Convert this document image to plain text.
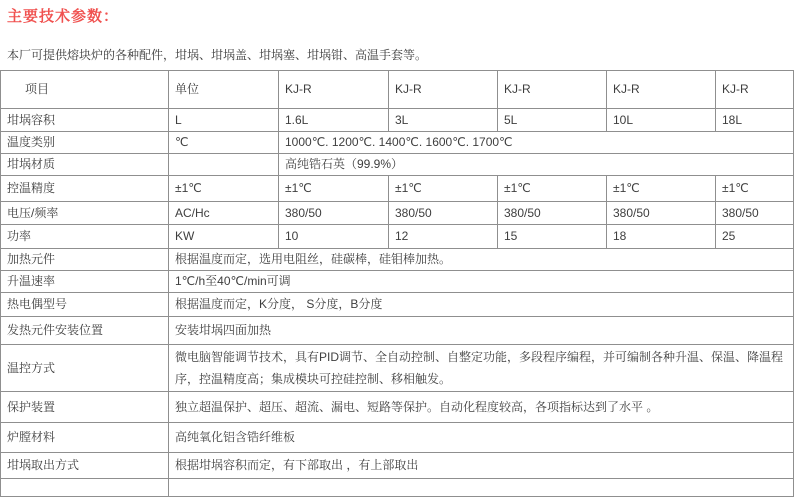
主要技术参数：

本厂可提供熔块炉的各种配件，坩埚、坩埚盖、坩埚塞、坩埚钳、高温手套等。

项目	单位	KJ-R	KJ-R	KJ-R	KJ-R	KJ-R
坩埚容积	L	1.6L	3L	5L	10L	18L
温度类别	℃	1000℃. 1200℃. 1400℃. 1600℃. 1700℃				
坩埚材质		高纯锆石英（99.9%）				
控温精度	±1℃	±1℃	±1℃	±1℃	±1℃	±1℃
电压/频率	AC/Hc	380/50	380/50	380/50	380/50	380/50
功率	KW	10	12	15	18	25
加热元件	根据温度而定，选用电阻丝，硅碳棒，硅钼棒加热。					
升温速率	1℃/h至40℃/min可调					
热电偶型号	根据温度而定，K分度， S分度，B分度					
发热元件安装位置	安装坩埚四面加热					
温控方式	微电脑智能调节技术，具有PID调节、全自动控制、自整定功能，多段程序编程，并可编制各种升温、保温、降温程序，控温精度高；集成模块可控硅控制、移相触发。					
保护装置	独立超温保护、超压、超流、漏电、短路等保护。自动化程度较高，各项指标达到了水平 。					
炉膛材料	高纯氧化铝含锆纤维板					
坩埚取出方式	根据坩埚容积而定，有下部取出 ，有上部取出					
